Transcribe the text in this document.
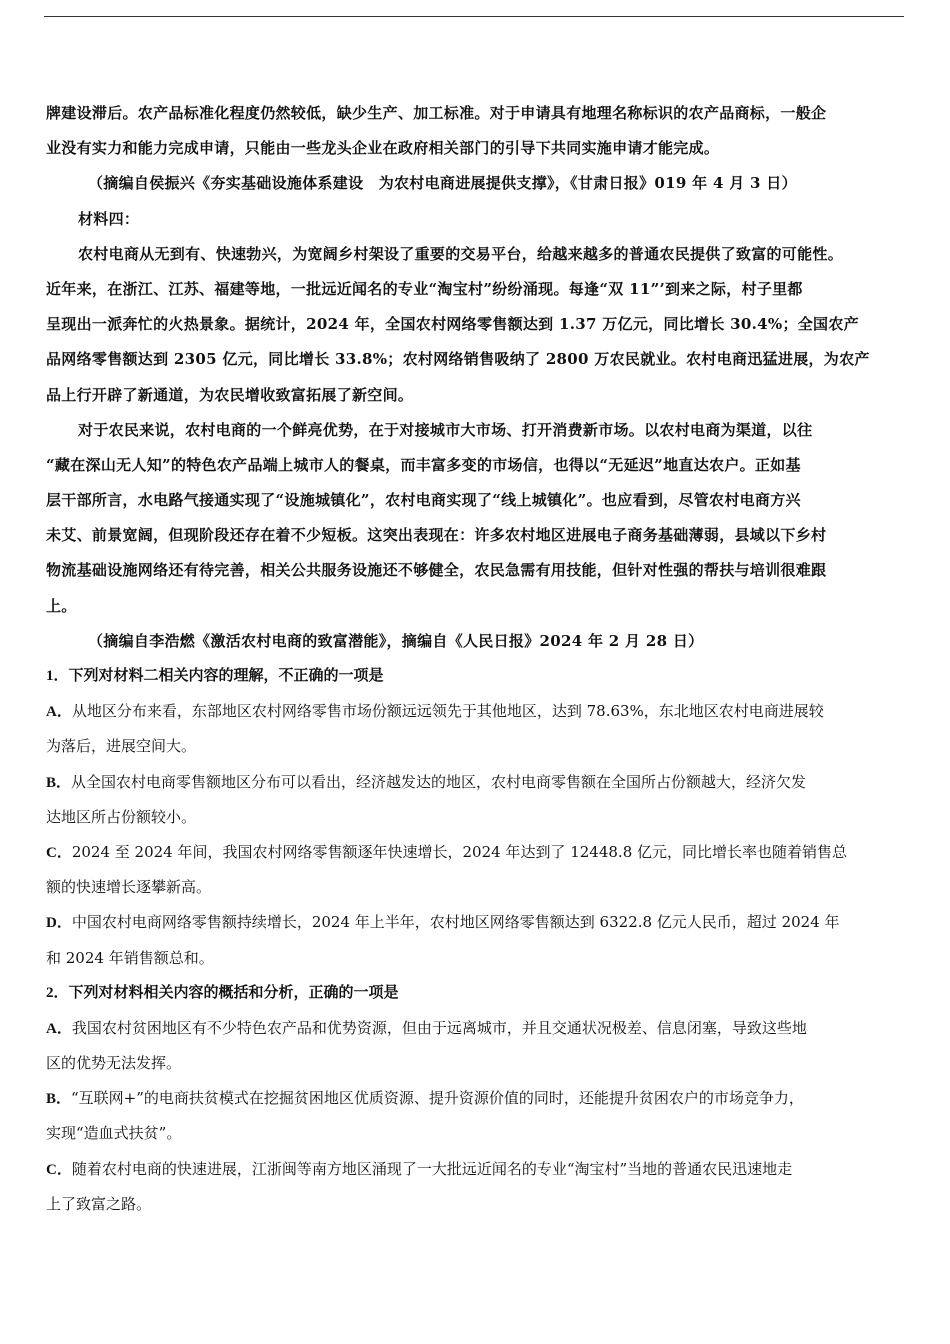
牌建设滞后。农产品标准化程度仍然较低，缺少生产、加工标准。对于申请具有地理名称标识的农产品商标，一般企
业没有实力和能力完成申请，只能由一些龙头企业在政府相关部门的引导下共同实施申请才能完成。
（摘编自侯振兴《夯实基础设施体系建设　为农村电商进展提供支撑》，《甘肃日报》019 年 4 月 3 日）
材料四：
农村电商从无到有、快速勃兴，为宽阔乡村架设了重要的交易平台，给越来越多的普通农民提供了致富的可能性。
近年来，在浙江、江苏、福建等地，一批远近闻名的专业“淘宝村”纷纷涌现。每逢“双 11”’到来之际，村子里都
呈现出一派奔忙的火热景象。据统计，2024 年，全国农村网络零售额达到 1.37 万亿元，同比增长 30.4%；全国农产
品网络零售额达到 2305 亿元，同比增长 33.8%；农村网络销售吸纳了 2800 万农民就业。农村电商迅猛进展，为农产
品上行开辟了新通道，为农民增收致富拓展了新空间。
对于农民来说，农村电商的一个鲜亮优势，在于对接城市大市场、打开消费新市场。以农村电商为渠道，以往
“藏在深山无人知”的特色农产品端上城市人的餐桌，而丰富多变的市场信，也得以“无延迟”地直达农户。正如基
层干部所言，水电路气接通实现了“设施城镇化”，农村电商实现了“线上城镇化”。也应看到，尽管农村电商方兴
未艾、前景宽阔，但现阶段还存在着不少短板。这突出表现在：许多农村地区进展电子商务基础薄弱，县域以下乡村
物流基础设施网络还有待完善，相关公共服务设施还不够健全，农民急需有用技能，但针对性强的帮扶与培训很难跟
上。
（摘编自李浩燃《激活农村电商的致富潜能》，摘编自《人民日报》2024 年 2 月 28 日）
1．下列对材料二相关内容的理解，不正确的一项是
A．从地区分布来看，东部地区农村网络零售市场份额远远领先于其他地区，达到 78.63%，东北地区农村电商进展较
为落后，进展空间大。
B．从全国农村电商零售额地区分布可以看出，经济越发达的地区，农村电商零售额在全国所占份额越大，经济欠发
达地区所占份额较小。
C．2024 至 2024 年间，我国农村网络零售额逐年快速增长，2024 年达到了 12448.8 亿元，同比增长率也随着销售总
额的快速增长逐攀新高。
D．中国农村电商网络零售额持续增长，2024 年上半年，农村地区网络零售额达到 6322.8 亿元人民币，超过 2024 年
和 2024 年销售额总和。
2．下列对材料相关内容的概括和分析，正确的一项是
A．我国农村贫困地区有不少特色农产品和优势资源，但由于远离城市，并且交通状况极差、信息闭塞，导致这些地
区的优势无法发挥。
B．“互联网+”的电商扶贫模式在挖掘贫困地区优质资源、提升资源价值的同时，还能提升贫困农户的市场竞争力，
实现“造血式扶贫”。
C．随着农村电商的快速进展，江浙闽等南方地区涌现了一大批远近闻名的专业“淘宝村”当地的普通农民迅速地走
上了致富之路。
